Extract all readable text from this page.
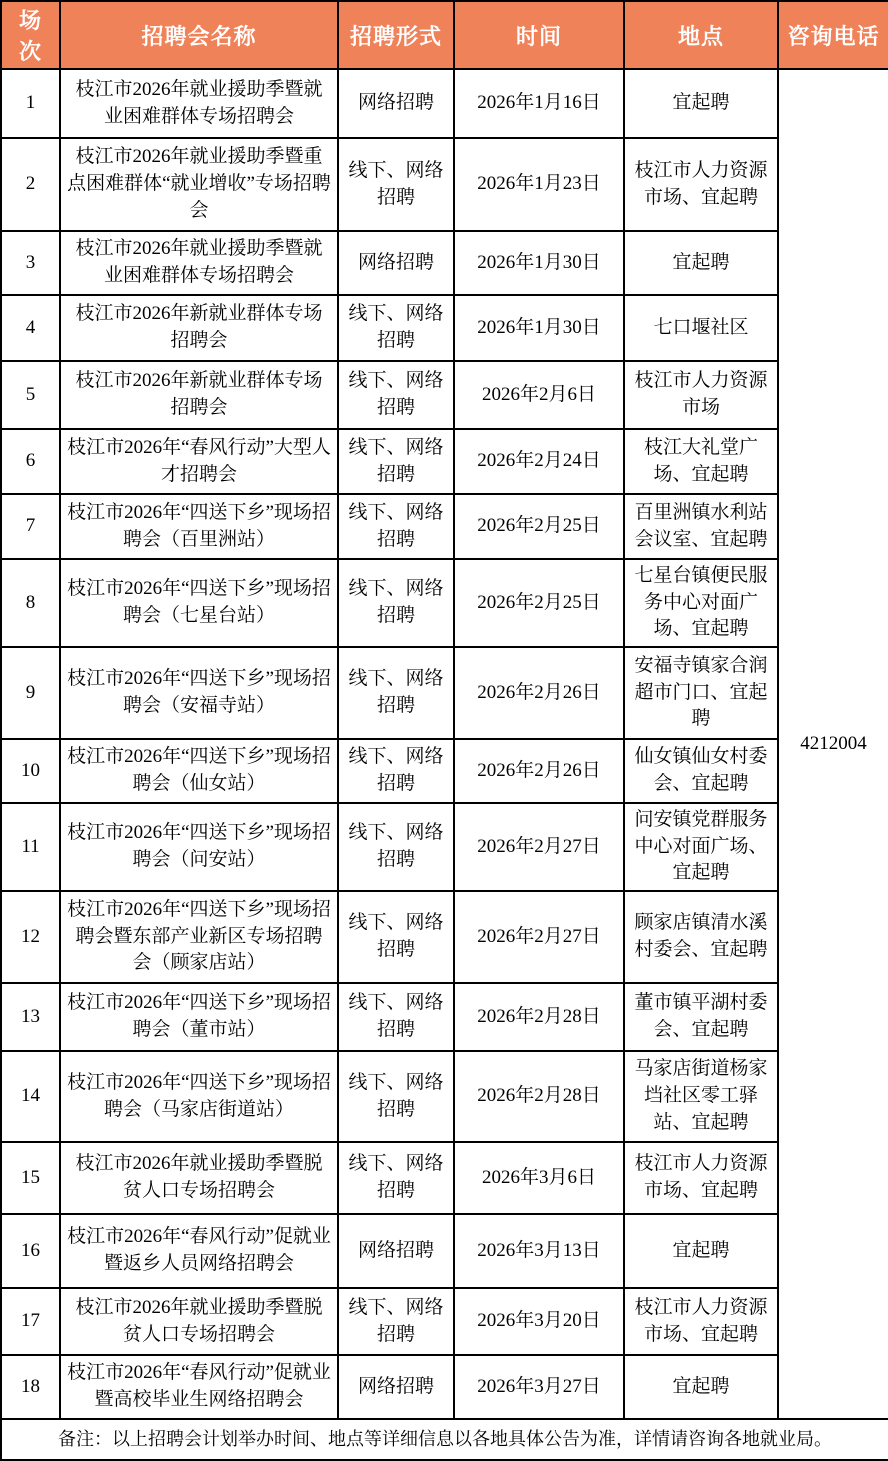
场次	招聘会名称	招聘形式	时间	地点	咨询电话
1	枝江市2026年就业援助季暨就业困难群体专场招聘会	网络招聘	2026年1月16日	宜起聘	4212004
2	枝江市2026年就业援助季暨重点困难群体“就业增收”专场招聘会	线下、网络招聘	2026年1月23日	枝江市人力资源市场、宜起聘	
3	枝江市2026年就业援助季暨就业困难群体专场招聘会	网络招聘	2026年1月30日	宜起聘	
4	枝江市2026年新就业群体专场招聘会	线下、网络招聘	2026年1月30日	七口堰社区	
5	枝江市2026年新就业群体专场招聘会	线下、网络招聘	2026年2月6日	枝江市人力资源市场	
6	枝江市2026年“春风行动”大型人才招聘会	线下、网络招聘	2026年2月24日	枝江大礼堂广场、宜起聘	
7	枝江市2026年“四送下乡”现场招聘会（百里洲站）	线下、网络招聘	2026年2月25日	百里洲镇水利站会议室、宜起聘	
8	枝江市2026年“四送下乡”现场招聘会（七星台站）	线下、网络招聘	2026年2月25日	七星台镇便民服务中心对面广场、宜起聘	
9	枝江市2026年“四送下乡”现场招聘会（安福寺站）	线下、网络招聘	2026年2月26日	安福寺镇家合润超市门口、宜起聘	
10	枝江市2026年“四送下乡”现场招聘会（仙女站）	线下、网络招聘	2026年2月26日	仙女镇仙女村委会、宜起聘	
11	枝江市2026年“四送下乡”现场招聘会（问安站）	线下、网络招聘	2026年2月27日	问安镇党群服务中心对面广场、宜起聘	
12	枝江市2026年“四送下乡”现场招聘会暨东部产业新区专场招聘会（顾家店站）	线下、网络招聘	2026年2月27日	顾家店镇清水溪村委会、宜起聘	
13	枝江市2026年“四送下乡”现场招聘会（董市站）	线下、网络招聘	2026年2月28日	董市镇平湖村委会、宜起聘	
14	枝江市2026年“四送下乡”现场招聘会（马家店街道站）	线下、网络招聘	2026年2月28日	马家店街道杨家垱社区零工驿站、宜起聘	
15	枝江市2026年就业援助季暨脱贫人口专场招聘会	线下、网络招聘	2026年3月6日	枝江市人力资源市场、宜起聘	
16	枝江市2026年“春风行动”促就业暨返乡人员网络招聘会	网络招聘	2026年3月13日	宜起聘	
17	枝江市2026年就业援助季暨脱贫人口专场招聘会	线下、网络招聘	2026年3月20日	枝江市人力资源市场、宜起聘	
18	枝江市2026年“春风行动”促就业暨高校毕业生网络招聘会	网络招聘	2026年3月27日	宜起聘	
备注：以上招聘会计划举办时间、地点等详细信息以各地具体公告为准，详情请咨询各地就业局。					
